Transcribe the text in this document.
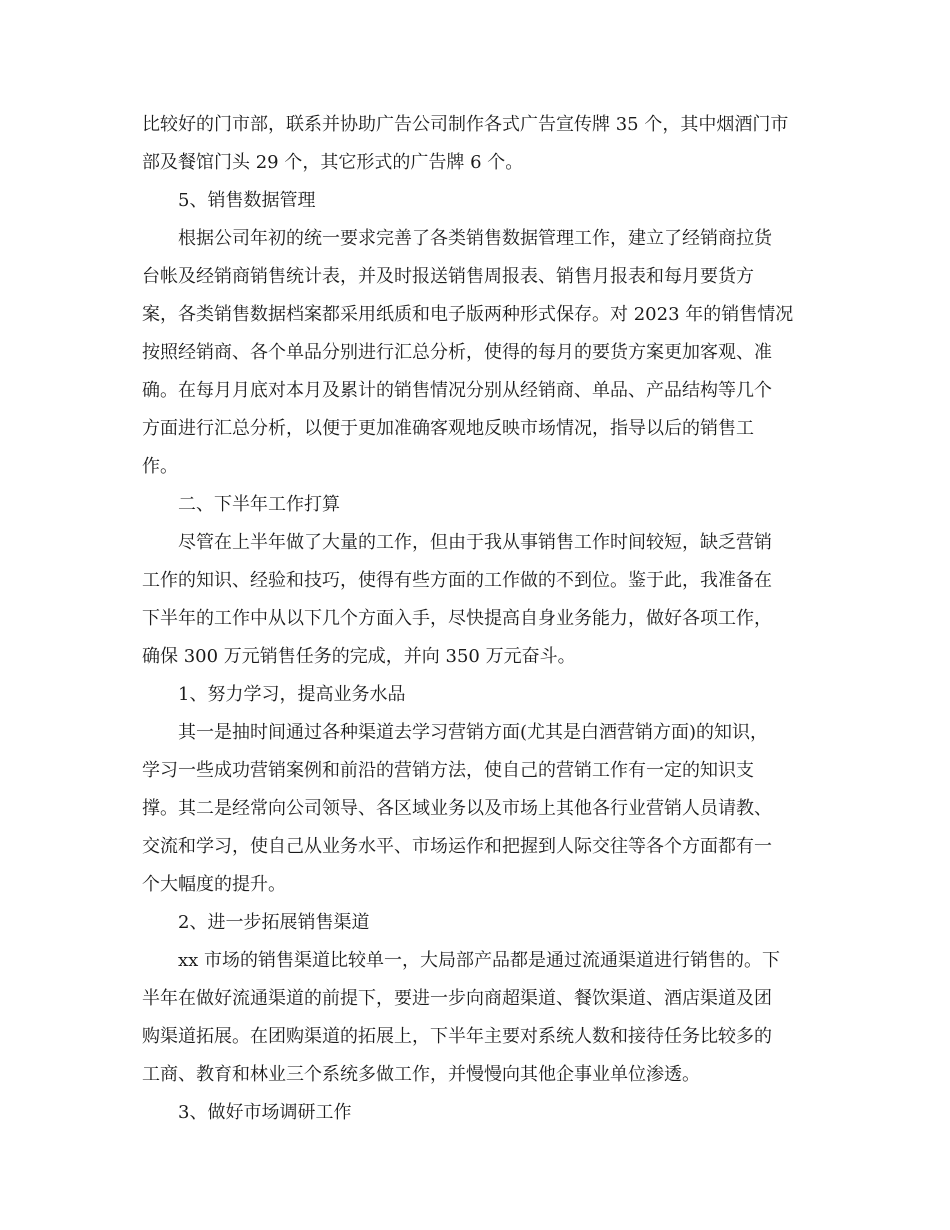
比较好的门市部，联系并协助广告公司制作各式广告宣传牌 35 个，其中烟酒门市
部及餐馆门头 29 个，其它形式的广告牌 6 个。
5、销售数据管理
根据公司年初的统一要求完善了各类销售数据管理工作，建立了经销商拉货
台帐及经销商销售统计表，并及时报送销售周报表、销售月报表和每月要货方
案，各类销售数据档案都采用纸质和电子版两种形式保存。对 2023 年的销售情况
按照经销商、各个单品分别进行汇总分析，使得的每月的要货方案更加客观、准
确。在每月月底对本月及累计的销售情况分别从经销商、单品、产品结构等几个
方面进行汇总分析，以便于更加准确客观地反映市场情况，指导以后的销售工
作。
二、下半年工作打算
尽管在上半年做了大量的工作，但由于我从事销售工作时间较短，缺乏营销
工作的知识、经验和技巧，使得有些方面的工作做的不到位。鉴于此，我准备在
下半年的工作中从以下几个方面入手，尽快提高自身业务能力，做好各项工作，
确保 300 万元销售任务的完成，并向 350 万元奋斗。
1、努力学习，提高业务水品
其一是抽时间通过各种渠道去学习营销方面(尤其是白酒营销方面)的知识，
学习一些成功营销案例和前沿的营销方法，使自己的营销工作有一定的知识支
撑。其二是经常向公司领导、各区域业务以及市场上其他各行业营销人员请教、
交流和学习，使自己从业务水平、市场运作和把握到人际交往等各个方面都有一
个大幅度的提升。
2、进一步拓展销售渠道
xx 市场的销售渠道比较单一，大局部产品都是通过流通渠道进行销售的。下
半年在做好流通渠道的前提下，要进一步向商超渠道、餐饮渠道、酒店渠道及团
购渠道拓展。在团购渠道的拓展上，下半年主要对系统人数和接待任务比较多的
工商、教育和林业三个系统多做工作，并慢慢向其他企事业单位渗透。
3、做好市场调研工作
